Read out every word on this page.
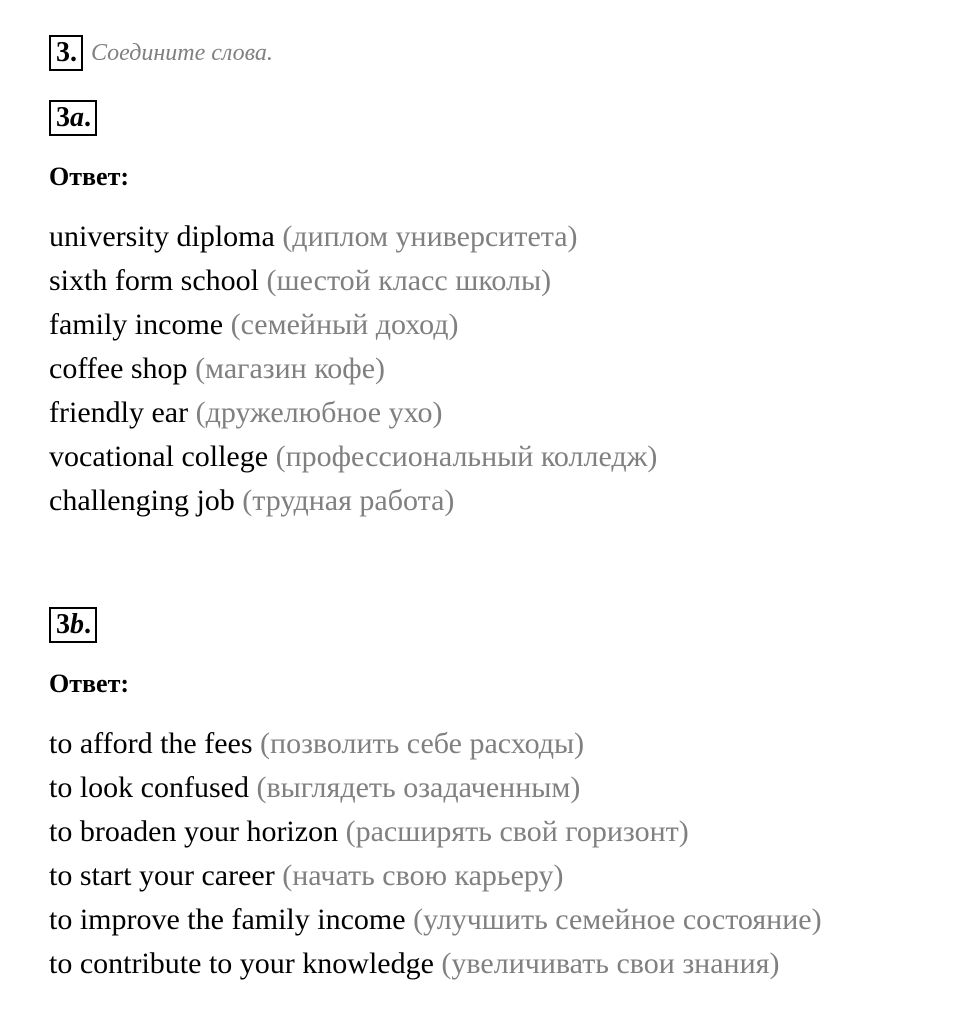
3. Соедините слова.
3a.
Ответ:
university diploma (диплом университета)
sixth form school (шестой класс школы)
family income (семейный доход)
coffee shop (магазин кофе)
friendly ear (дружелюбное ухо)
vocational college (профессиональный колледж)
challenging job (трудная работа)
3b.
Ответ:
to afford the fees (позволить себе расходы)
to look confused (выглядеть озадаченным)
to broaden your horizon (расширять свой горизонт)
to start your career (начать свою карьеру)
to improve the family income (улучшить семейное состояние)
to contribute to your knowledge (увеличивать свои знания)
